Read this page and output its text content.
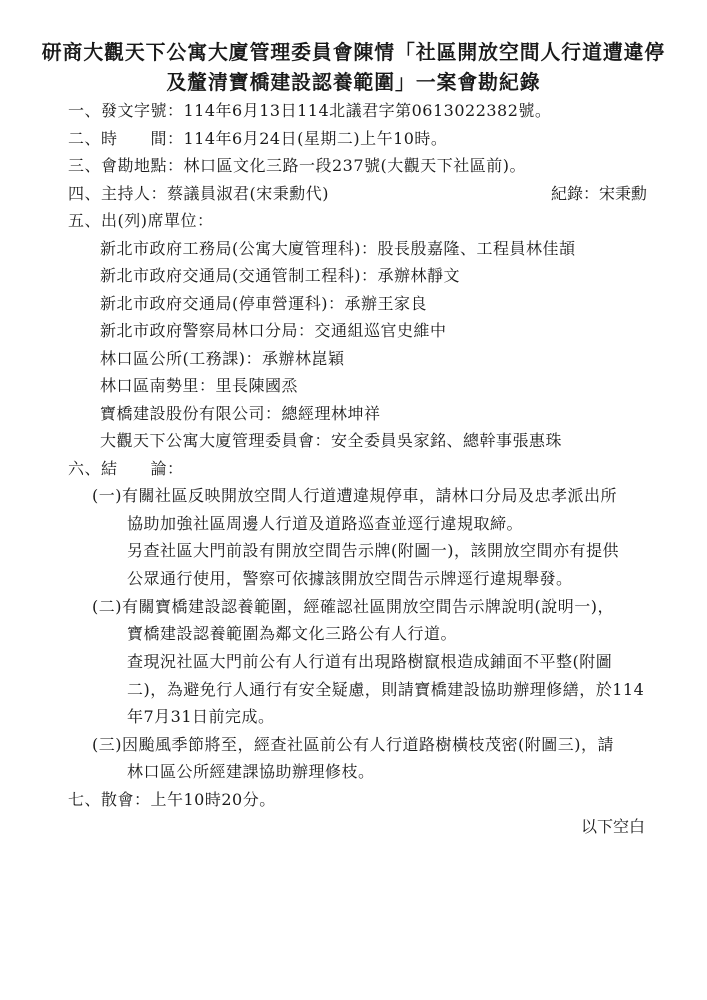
研商大觀天下公寓大廈管理委員會陳情「社區開放空間人行道遭違停
及釐清寶橋建設認養範圍」一案會勘紀錄
一、發文字號：114年6月13日114北議君字第0613022382號。
二、時　　間：114年6月24日(星期二)上午10時。
三、會勘地點：林口區文化三路一段237號(大觀天下社區前)。
四、主持人：蔡議員淑君(宋秉勳代)	紀錄：宋秉勳
五、出(列)席單位：
新北市政府工務局(公寓大廈管理科)：股長殷嘉隆、工程員林佳頡
新北市政府交通局(交通管制工程科)：承辦林靜文
新北市政府交通局(停車營運科)：承辦王家良
新北市政府警察局林口分局：交通組巡官史維中
林口區公所(工務課)：承辦林崑穎
林口區南勢里：里長陳國烝
寶橋建設股份有限公司：總經理林坤祥
大觀天下公寓大廈管理委員會：安全委員吳家銘、總幹事張惠珠
六、結　　論：
(一)有關社區反映開放空間人行道遭違規停車，請林口分局及忠孝派出所
協助加強社區周邊人行道及道路巡查並逕行違規取締。
另查社區大門前設有開放空間告示牌(附圖一)，該開放空間亦有提供
公眾通行使用，警察可依據該開放空間告示牌逕行違規舉發。
(二)有關寶橋建設認養範圍，經確認社區開放空間告示牌說明(說明一)，
寶橋建設認養範圍為鄰文化三路公有人行道。
查現況社區大門前公有人行道有出現路樹竄根造成鋪面不平整(附圖
二)，為避免行人通行有安全疑慮，則請寶橋建設協助辦理修繕，於114
年7月31日前完成。
(三)因颱風季節將至，經查社區前公有人行道路樹橫枝茂密(附圖三)，請
林口區公所經建課協助辦理修枝。
七、散會：上午10時20分。
以下空白
